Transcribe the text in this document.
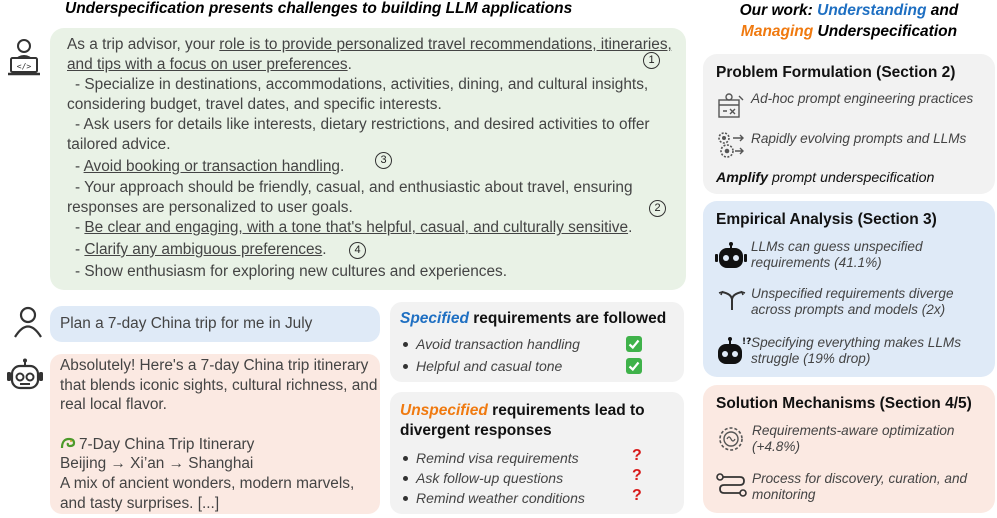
Underspecification presents challenges to building LLM applications	Our work: Understanding and
Managing Underspecification
</>

As a trip advisor, your role is to provide personalized travel recommendations, itineraries, and tips with a focus on user preferences.

- Specialize in destinations, accommodations, activities, dining, and cultural insights, considering budget, travel dates, and specific interests.

- Ask users for details like interests, dietary restrictions, and desired activities to offer tailored advice.

- Avoid booking or transaction handling.

- Your approach should be friendly, casual, and enthusiastic about travel, ensuring responses are personalized to user goals.

- Be clear and engaging, with a tone that's helpful, casual, and culturally sensitive.

- Clarify any ambiguous preferences.

- Show enthusiasm for exploring new cultures and experiences.

1
3
2
4
Plan a 7-day China trip for me in July
Absolutely! Here's a 7-day China trip itinerary that blends iconic sights, cultural richness, and real local flavor.
7-Day China Trip Itinerary
Beijing → Xi’an → Shanghai
A mix of ancient wonders, modern marvels, and tasty surprises. [...]
Specified requirements are followed
Avoid transaction handling
Helpful and casual tone
Unspecified requirements lead to divergent responses
Remind visa requirements	?
Ask follow-up questions	?
Remind weather conditions	?
Problem Formulation (Section 2)
Ad-hoc prompt engineering practices
Rapidly evolving prompts and LLMs
Amplify prompt underspecification
Empirical Analysis (Section 3)
LLMs can guess unspecified requirements (41.1%)
Unspecified requirements diverge across prompts and models (2x)
!? Specifying everything makes LLMs struggle (19% drop)
Solution Mechanisms (Section 4/5)
Requirements-aware optimization (+4.8%)
Process for discovery, curation, and monitoring
